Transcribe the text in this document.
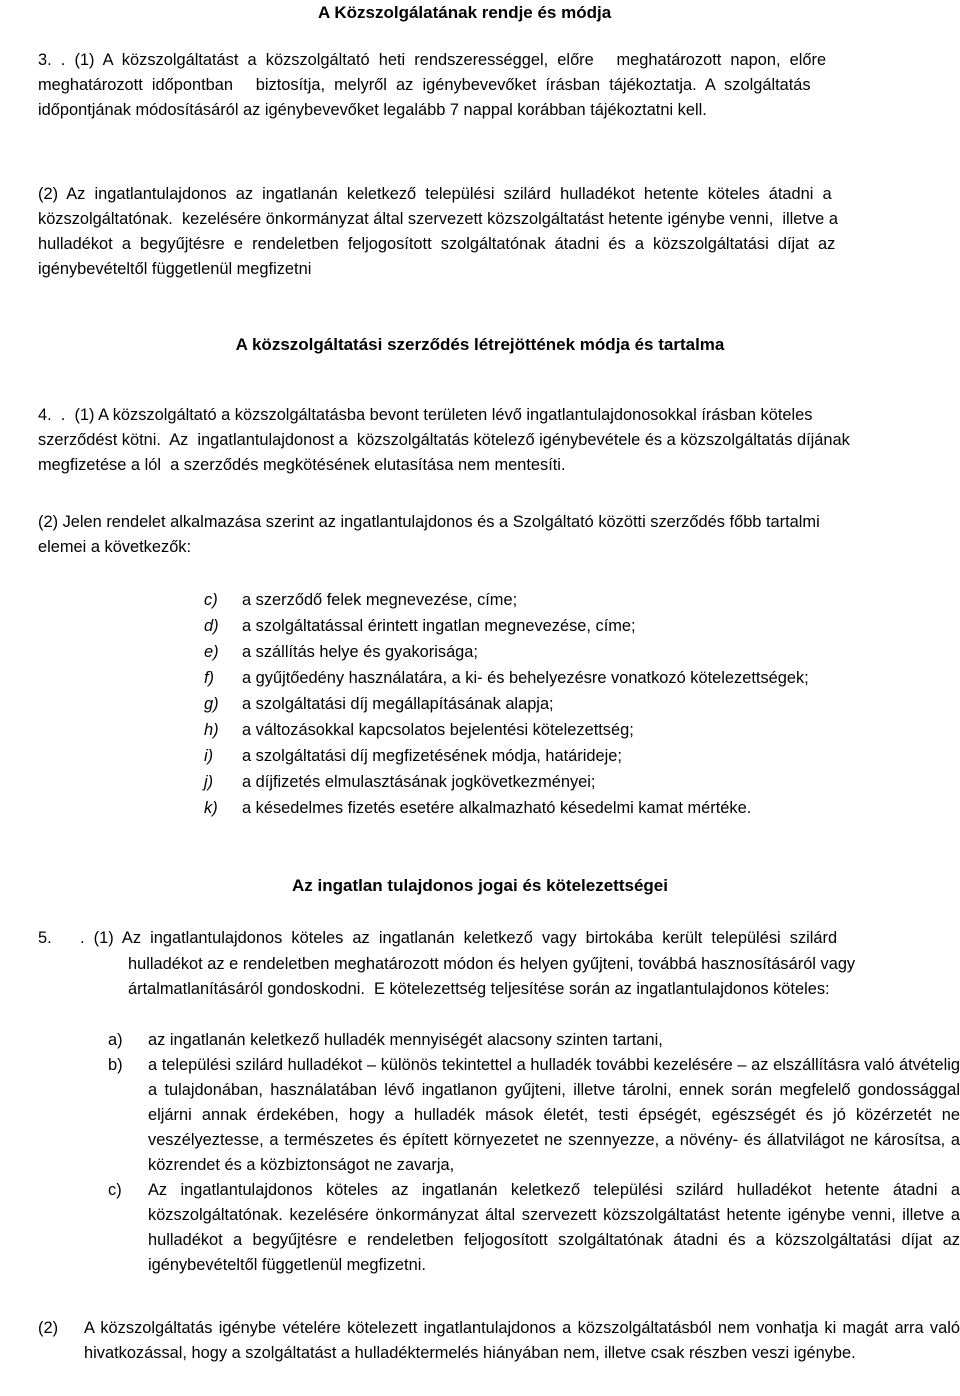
A Közszolgálatának rendje és módja
3.  .  (1)  A  közszolgáltatást  a  közszolgáltató  heti  rendszerességgel,  előre     meghatározott  napon,  előre
meghatározott  időpontban     biztosítja,  melyről  az  igénybevevőket  írásban  tájékoztatja.  A  szolgáltatás
időpontjának módosításáról az igénybevevőket legalább 7 nappal korábban tájékoztatni kell.
(2)  Az  ingatlantulajdonos  az  ingatlanán  keletkező  települési  szilárd  hulladékot  hetente  köteles  átadni  a
közszolgáltatónak.  kezelésére önkormányzat által szervezett közszolgáltatást hetente igénybe venni,  illetve a
hulladékot  a  begyűjtésre  e  rendeletben  feljogosított  szolgáltatónak  átadni  és  a  közszolgáltatási  díjat  az
igénybevételtől függetlenül megfizetni
A közszolgáltatási szerződés létrejöttének módja és tartalma
4.  .  (1) A közszolgáltató a közszolgáltatásba bevont területen lévő ingatlantulajdonosokkal írásban köteles
szerződést kötni.  Az  ingatlantulajdonost a  közszolgáltatás kötelező igénybevétele és a közszolgáltatás díjának
megfizetése a lól  a szerződés megkötésének elutasítása nem mentesíti.
(2) Jelen rendelet alkalmazása szerint az ingatlantulajdonos és a Szolgáltató közötti szerződés főbb tartalmi
elemei a következők:
c) a szerződő felek megnevezése, címe;
d) a szolgáltatással érintett ingatlan megnevezése, címe;
e) a szállítás helye és gyakorisága;
f) a gyűjtőedény használatára, a ki- és behelyezésre vonatkozó kötelezettségek;
g) a szolgáltatási díj megállapításának alapja;
h) a változásokkal kapcsolatos bejelentési kötelezettség;
i) a szolgáltatási díj megfizetésének módja, határideje;
j) a díjfizetés elmulasztásának jogkövetkezményei;
k) a késedelmes fizetés esetére alkalmazható késedelmi kamat mértéke.
Az ingatlan tulajdonos jogai és kötelezettségei
5. .  (1)  Az  ingatlantulajdonos  köteles  az  ingatlanán  keletkező  vagy  birtokába  került  települési  szilárd
hulladékot az e rendeletben meghatározott módon és helyen gyűjteni, továbbá hasznosításáról vagy
ártalmatlanításáról gondoskodni.  E kötelezettség teljesítése során az ingatlantulajdonos köteles:
a) az ingatlanán keletkező hulladék mennyiségét alacsony szinten tartani,
b) a települési szilárd hulladékot – különös tekintettel a hulladék további kezelésére – az elszállításra való átvételig a tulajdonában, használatában lévő ingatlanon gyűjteni, illetve tárolni, ennek során megfelelő gondossággal eljárni annak érdekében, hogy a hulladék mások életét, testi épségét, egészségét és jó közérzetét ne veszélyeztesse, a természetes és épített környezetet ne szennyezze, a növény- és állatvilágot ne károsítsa, a közrendet és a közbiztonságot ne zavarja,
c) Az ingatlantulajdonos köteles az ingatlanán keletkező települési szilárd hulladékot hetente átadni a közszolgáltatónak. kezelésére önkormányzat által szervezett közszolgáltatást hetente igénybe venni, illetve a hulladékot a begyűjtésre e rendeletben feljogosított szolgáltatónak átadni és a közszolgáltatási díjat az igénybevételtől függetlenül megfizetni.
(2) A közszolgáltatás igénybe vételére kötelezett ingatlantulajdonos a közszolgáltatásból nem vonhatja ki magát arra való hivatkozással, hogy a szolgáltatást a hulladéktermelés hiányában nem, illetve csak részben veszi igénybe.
